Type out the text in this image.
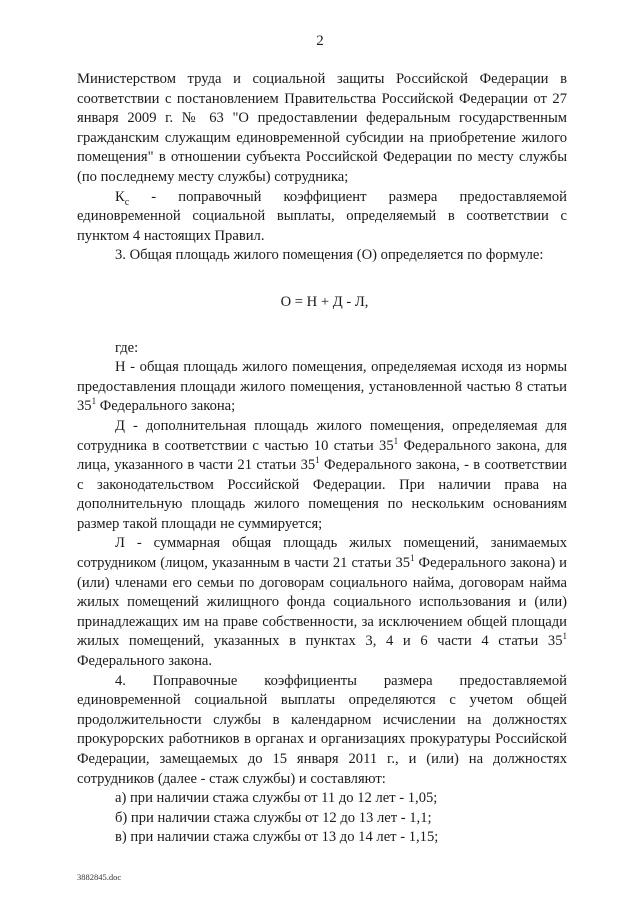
2

Министерством труда и социальной защиты Российской Федерации в соответствии с постановлением Правительства Российской Федерации от 27 января 2009 г. № 63 "О предоставлении федеральным государственным гражданским служащим единовременной субсидии на приобретение жилого помещения" в отношении субъекта Российской Федерации по месту службы (по последнему месту службы) сотрудника;

$К_с$ - поправочный коэффициент размера предоставляемой единовременной социальной выплаты, определяемый в соответствии с пунктом 4 настоящих Правил.

3. Общая площадь жилого помещения (О) определяется по формуле:

О = Н + Д - Л,

где:

Н - общая площадь жилого помещения, определяемая исходя из нормы предоставления площади жилого помещения, установленной частью 8 статьи $35^1$ Федерального закона;

Д - дополнительная площадь жилого помещения, определяемая для сотрудника в соответствии с частью 10 статьи $35^1$ Федерального закона, для лица, указанного в части 21 статьи $35^1$ Федерального закона, - в соответствии с законодательством Российской Федерации. При наличии права на дополнительную площадь жилого помещения по нескольким основаниям размер такой площади не суммируется;

Л - суммарная общая площадь жилых помещений, занимаемых сотрудником (лицом, указанным в части 21 статьи $35^1$ Федерального закона) и (или) членами его семьи по договорам социального найма, договорам найма жилых помещений жилищного фонда социального использования и (или) принадлежащих им на праве собственности, за исключением общей площади жилых помещений, указанных в пунктах 3, 4 и 6 части 4 статьи $35^1$ Федерального закона.

4. Поправочные коэффициенты размера предоставляемой единовременной социальной выплаты определяются с учетом общей продолжительности службы в календарном исчислении на должностях прокурорских работников в органах и организациях прокуратуры Российской Федерации, замещаемых до 15 января 2011 г., и (или) на должностях сотрудников (далее - стаж службы) и составляют:

а) при наличии стажа службы от 11 до 12 лет - 1,05;

б) при наличии стажа службы от 12 до 13 лет - 1,1;

в) при наличии стажа службы от 13 до 14 лет - 1,15;

3882845.doc
